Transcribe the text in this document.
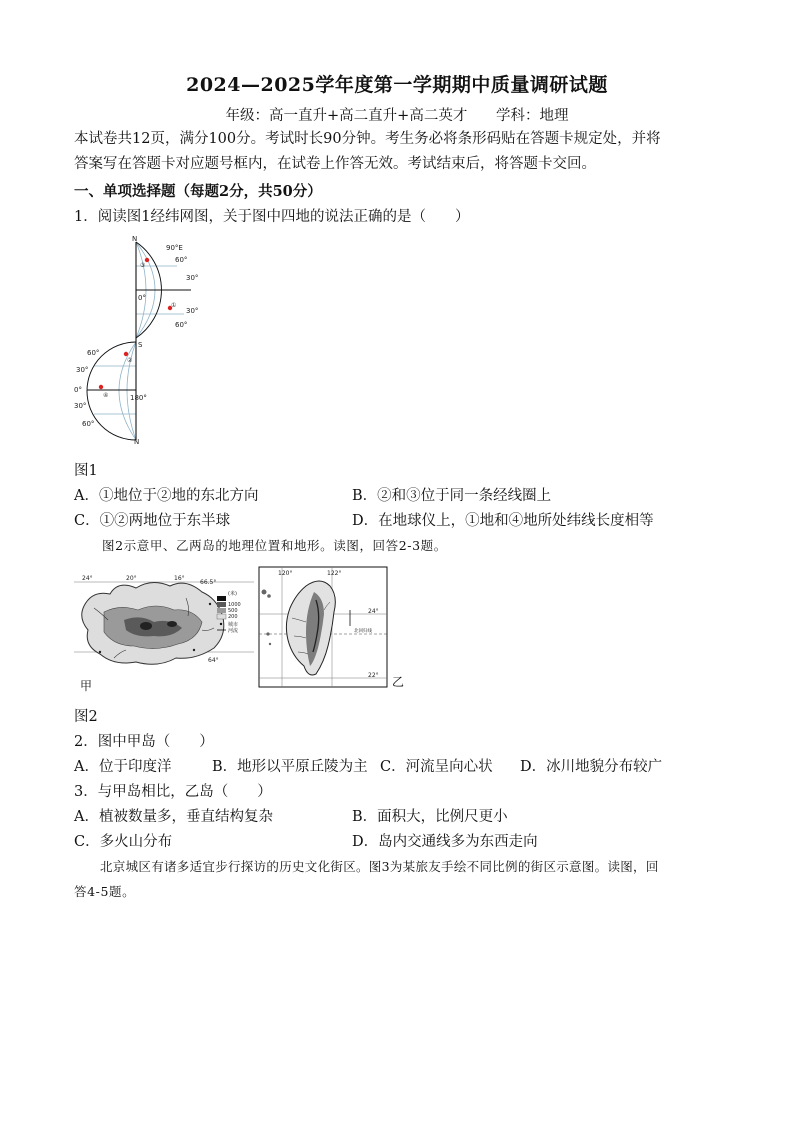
2024—2025学年度第一学期期中质量调研试题
年级：高一直升+高二直升+高二英才 学科：地理
本试卷共12页，满分100分。考试时长90分钟。考生务必将条形码贴在答题卡规定处，并将
答案写在答题卡对应题号框内，在试卷上作答无效。考试结束后，将答题卡交回。
一、单项选择题（每题2分，共50分）
1．阅读图1经纬网图，关于图中四地的说法正确的是（　　）
N
90°E
60°
30°
0°
30°
60°
S
60°
30°
0°
30°
60°
180°
N
③
①
②
④
图1
A．①地位于②地的东北方向	B．②和③位于同一条经线圈上
C．①②两地位于东半球	D．在地球仪上，①地和④地所处纬线长度相等
图2示意甲、乙两岛的地理位置和地形。读图，回答2-3题。
24°	20°	16°
66.5°
64°
(米)
1000
500
200
城市
河流
甲
120°	122°
24°
22°
北回归线
乙
图2
2．图中甲岛（　　）
A．位于印度洋	B．地形以平原丘陵为主 C．河流呈向心状 D．冰川地貌分布较广
3．与甲岛相比，乙岛（　　）
A．植被数量多，垂直结构复杂	B．面积大，比例尺更小
C．多火山分布	D．岛内交通线多为东西走向
北京城区有诸多适宜步行探访的历史文化街区。图3为某旅友手绘不同比例的街区示意图。读图，回
答4-5题。
